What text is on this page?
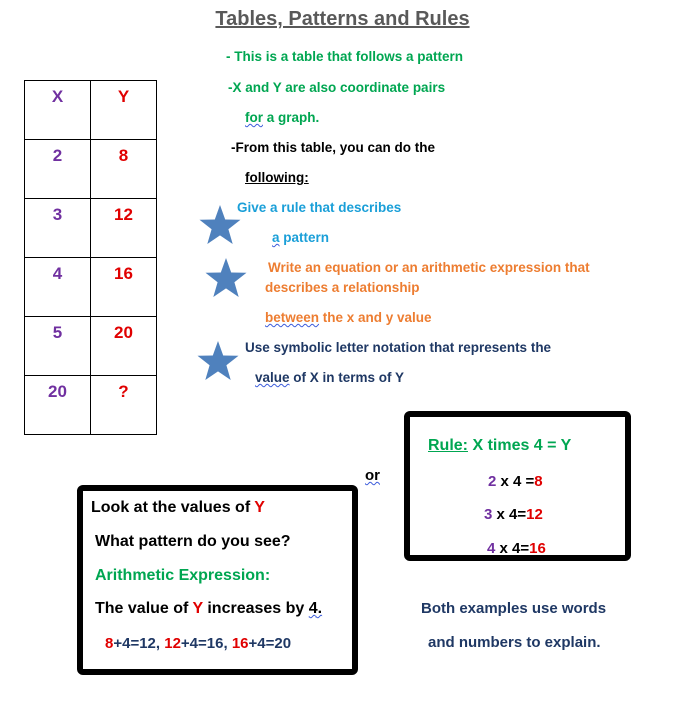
Tables, Patterns and Rules
X	Y
2	8
3	12
4	16
5	20
20	?
- This is a table that follows a pattern
-X and Y are also coordinate pairs
for a graph.
-From this table, you can do the
following:
Give a rule that describes
a pattern
Write an equation or an arithmetic expression that
describes a relationship
between the x and y value
Use symbolic letter notation that represents the
value of X in terms of Y
Rule: X times 4 = Y
2 x 4 =8
3 x 4=12
4 x 4=16
or
Look at the values of Y
What pattern do you see?
Arithmetic Expression:
The value of Y increases by 4.
8+4=12, 12+4=16, 16+4=20
Both examples use words
and numbers to explain.
